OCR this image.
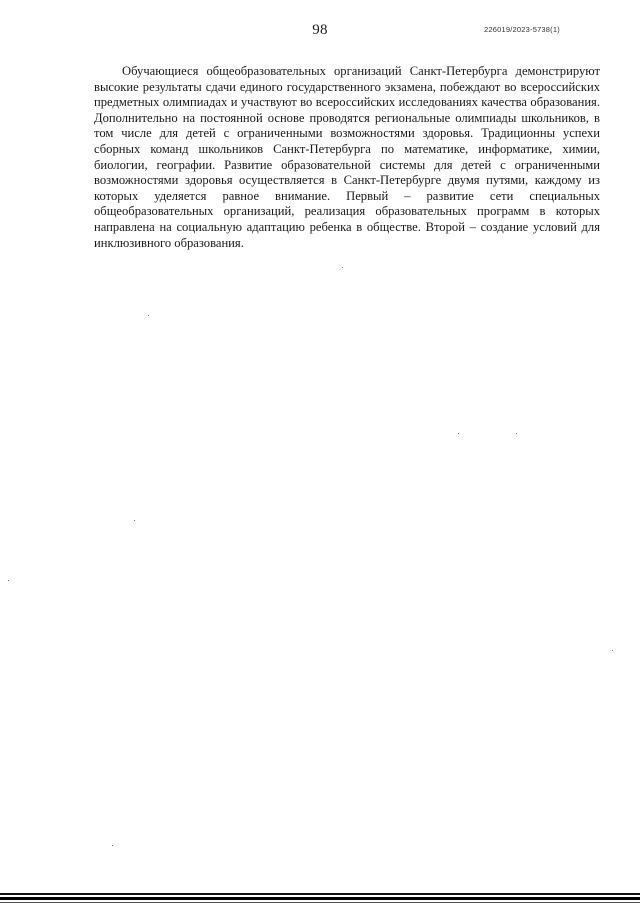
98	226019/2023-5738(1)

Обучающиеся общеобразовательных организаций Санкт-Петербурга демонстрируют высокие результаты сдачи единого государственного экзамена, побеждают во всероссийских предметных олимпиадах и участвуют во всероссийских исследованиях качества образования. Дополнительно на постоянной основе проводятся региональные олимпиады школьников, в том числе для детей с ограниченными возможностями здоровья. Традиционны успехи сборных команд школьников Санкт-Петербурга по математике, информатике, химии, биологии, географии. Развитие образовательной системы для детей с ограниченными возможностями здоровья осуществляется в Санкт-Петербурге двумя путями, каждому из которых уделяется равное внимание. Первый – развитие сети специальных общеобразовательных организаций, реализация образовательных программ в которых направлена на социальную адаптацию ребенка в обществе. Второй – создание условий для инклюзивного образования.
